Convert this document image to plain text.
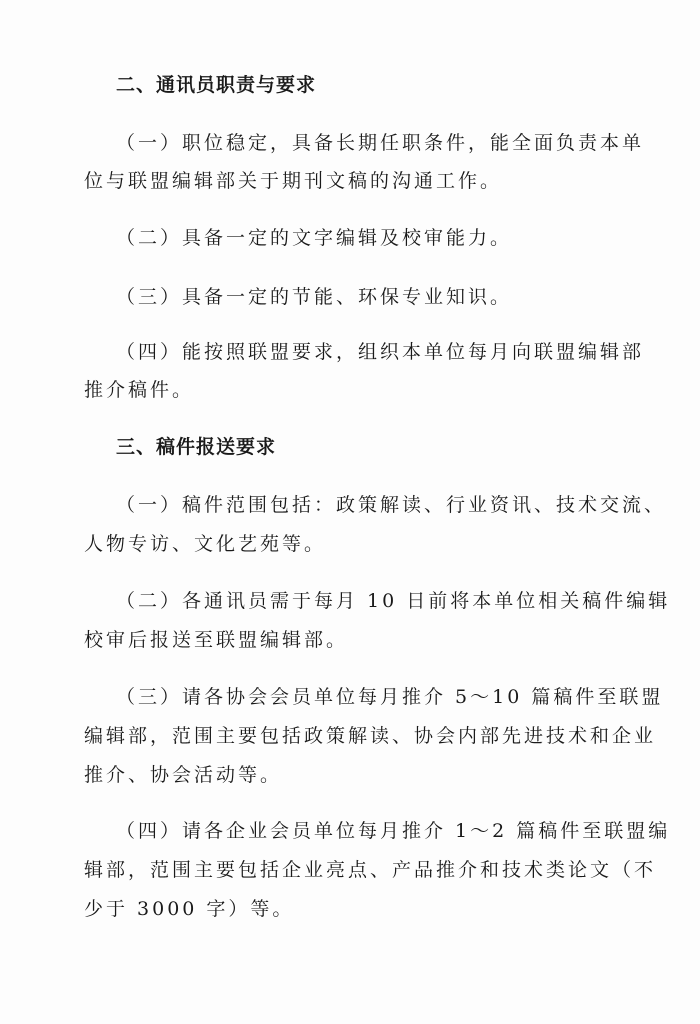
二、通讯员职责与要求
（一）职位稳定，具备长期任职条件，能全面负责本单
位与联盟编辑部关于期刊文稿的沟通工作。
（二）具备一定的文字编辑及校审能力。
（三）具备一定的节能、环保专业知识。
（四）能按照联盟要求，组织本单位每月向联盟编辑部
推介稿件。
三、稿件报送要求
（一）稿件范围包括：政策解读、行业资讯、技术交流、
人物专访、文化艺苑等。
（二）各通讯员需于每月 10 日前将本单位相关稿件编辑
校审后报送至联盟编辑部。
（三）请各协会会员单位每月推介 5～10 篇稿件至联盟
编辑部，范围主要包括政策解读、协会内部先进技术和企业
推介、协会活动等。
（四）请各企业会员单位每月推介 1～2 篇稿件至联盟编
辑部，范围主要包括企业亮点、产品推介和技术类论文（不
少于 3000 字）等。
